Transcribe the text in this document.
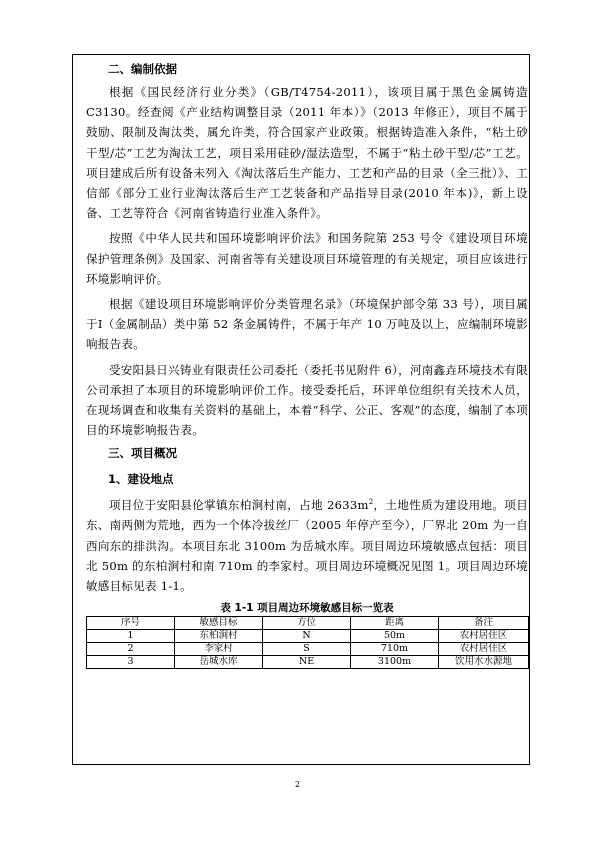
二、编制依据

根据《国民经济行业分类》（GB/T4754-2011），该项目属于黑色金属铸造 C3130。经查阅《产业结构调整目录（2011 年本）》（2013 年修正），项目不属于鼓励、限制及淘汰类，属允许类，符合国家产业政策。根据铸造准入条件，“粘土砂干型/芯”工艺为淘汰工艺，项目采用硅砂/湿法造型，不属于“粘土砂干型/芯”工艺。项目建成后所有设备未列入《淘汰落后生产能力、工艺和产品的目录（全三批）》、工信部《部分工业行业淘汰落后生产工艺装备和产品指导目录(2010 年本)》，新上设备、工艺等符合《河南省铸造行业准入条件》。

按照《中华人民共和国环境影响评价法》和国务院第 253 号令《建设项目环境保护管理条例》及国家、河南省等有关建设项目环境管理的有关规定，项目应该进行环境影响评价。

根据《建设项目环境影响评价分类管理名录》（环境保护部令第 33 号），项目属于Ⅰ（金属制品）类中第 52 条金属铸件，不属于年产 10 万吨及以上，应编制环境影响报告表。

受安阳县日兴铸业有限责任公司委托（委托书见附件 6），河南鑫垚环境技术有限公司承担了本项目的环境影响评价工作。接受委托后，环评单位组织有关技术人员，在现场调查和收集有关资料的基础上，本着“科学、公正、客观”的态度，编制了本项目的环境影响报告表。

三、项目概况
1、建设地点

项目位于安阳县伦掌镇东柏涧村南，占地 $2633m^2$，土地性质为建设用地。项目东、南两侧为荒地，西为一个体冷拔丝厂（2005 年停产至今），厂界北 20m 为一自西向东的排洪沟。本项目东北 3100m 为岳城水库。项目周边环境敏感点包括：项目北 50m 的东柏涧村和南 710m 的李家村。项目周边环境概况见图 1。项目周边环境敏感目标见表 1-1。

表 1-1 项目周边环境敏感目标一览表
序号	敏感目标	方位	距离	备注
1	东柏涧村	N	50m	农村居住区
2	李家村	S	710m	农村居住区
3	岳城水库	NE	3100m	饮用水水源地
2
